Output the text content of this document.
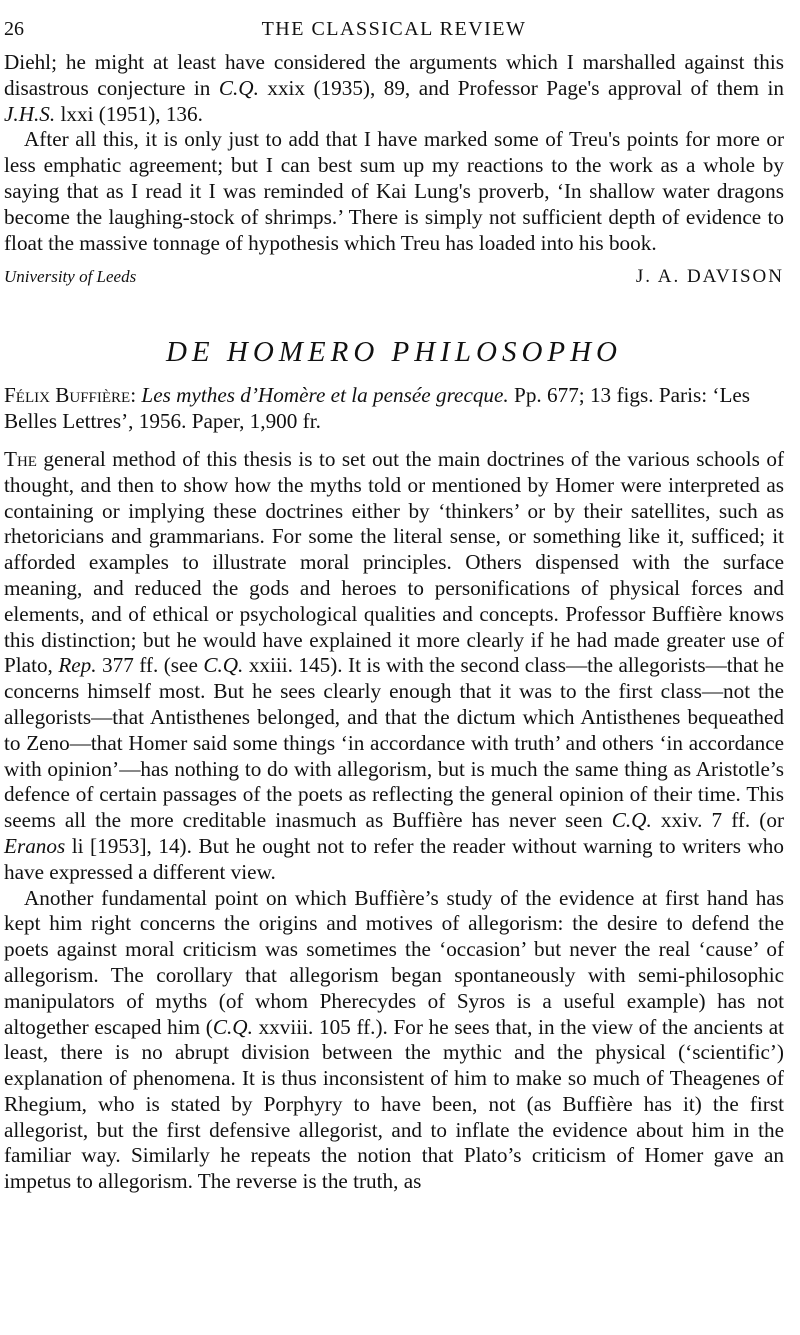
26	THE CLASSICAL REVIEW

Diehl; he might at least have considered the arguments which I marshalled against this disastrous conjecture in C.Q. xxix (1935), 89, and Professor Page's approval of them in J.H.S. lxxi (1951), 136.

After all this, it is only just to add that I have marked some of Treu's points for more or less emphatic agreement; but I can best sum up my reactions to the work as a whole by saying that as I read it I was reminded of Kai Lung's proverb, ‘In shallow water dragons become the laughing-stock of shrimps.’ There is simply not sufficient depth of evidence to float the massive tonnage of hypothesis which Treu has loaded into his book.

University of Leeds	J. A. DAVISON
DE HOMERO PHILOSOPHO
Félix Buffière: Les mythes d’Homère et la pensée grecque. Pp. 677; 13 figs. Paris: ‘Les Belles Lettres’, 1956. Paper, 1,900 fr.

The general method of this thesis is to set out the main doctrines of the various schools of thought, and then to show how the myths told or mentioned by Homer were interpreted as containing or implying these doctrines either by ‘thinkers’ or by their satellites, such as rhetoricians and grammarians. For some the literal sense, or something like it, sufficed; it afforded examples to illustrate moral principles. Others dispensed with the surface meaning, and reduced the gods and heroes to personifications of physical forces and elements, and of ethical or psychological qualities and concepts. Professor Buffière knows this distinction; but he would have explained it more clearly if he had made greater use of Plato, Rep. 377 ff. (see C.Q. xxiii. 145). It is with the second class—the allegorists—that he concerns himself most. But he sees clearly enough that it was to the first class—not the allegorists—that Antisthenes belonged, and that the dictum which Antisthenes bequeathed to Zeno—that Homer said some things ‘in accordance with truth’ and others ‘in accordance with opinion’—has nothing to do with allegorism, but is much the same thing as Aristotle’s defence of certain passages of the poets as reflecting the general opinion of their time. This seems all the more creditable inasmuch as Buffière has never seen C.Q. xxiv. 7 ff. (or Eranos li [1953], 14). But he ought not to refer the reader without warning to writers who have expressed a different view.

Another fundamental point on which Buffière’s study of the evidence at first hand has kept him right concerns the origins and motives of allegorism: the desire to defend the poets against moral criticism was sometimes the ‘occasion’ but never the real ‘cause’ of allegorism. The corollary that allegorism began spontaneously with semi-philosophic manipulators of myths (of whom Pherecydes of Syros is a useful example) has not altogether escaped him (C.Q. xxviii. 105 ff.). For he sees that, in the view of the ancients at least, there is no abrupt division between the mythic and the physical (‘scientific’) explanation of phenomena. It is thus inconsistent of him to make so much of Theagenes of Rhegium, who is stated by Porphyry to have been, not (as Buffière has it) the first allegorist, but the first defensive allegorist, and to inflate the evidence about him in the familiar way. Similarly he repeats the notion that Plato’s criticism of Homer gave an impetus to allegorism. The reverse is the truth, as
